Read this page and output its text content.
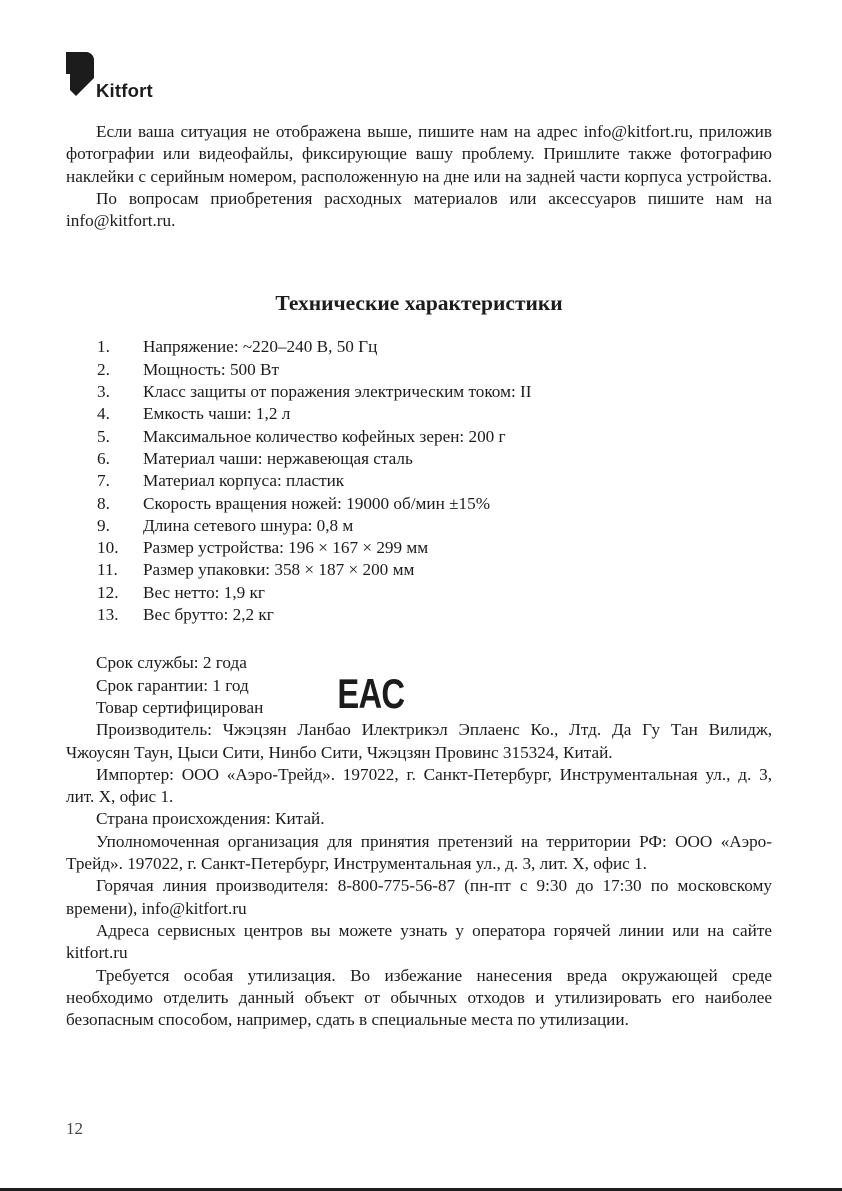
Kitfort

Если ваша ситуация не отображена выше, пишите нам на адрес info@kitfort.ru, приложив фотографии или видеофайлы, фиксирующие вашу проблему. Пришлите также фотографию наклейки с серийным номером, расположенную на дне или на задней части корпуса устройства.

По вопросам приобретения расходных материалов или аксессуаров пишите нам на info@kitfort.ru.

Технические характеристики
1.	Напряжение: ~220–240 В, 50 Гц
2.	Мощность: 500 Вт
3.	Класс защиты от поражения электрическим током: II
4.	Емкость чаши: 1,2 л
5.	Максимальное количество кофейных зерен: 200 г
6.	Материал чаши: нержавеющая сталь
7.	Материал корпуса: пластик
8.	Скорость вращения ножей: 19000 об/мин ±15%
9.	Длина сетевого шнура: 0,8 м
10.	Размер устройства: 196 × 167 × 299 мм
11.	Размер упаковки: 358 × 187 × 200 мм
12.	Вес нетто: 1,9 кг
13.	Вес брутто: 2,2 кг
Срок службы: 2 года
Срок гарантии: 1 год
Товар сертифицирован	EAC

Производитель: Чжэцзян Ланбао Илектрикэл Эплаенс Ко., Лтд. Да Гу Тан Вилидж, Чжоусян Таун, Цыси Сити, Нинбо Сити, Чжэцзян Провинс 315324, Китай.

Импортер: ООО «Аэро-Трейд». 197022, г. Санкт-Петербург, Инструментальная ул., д. 3, лит. Х, офис 1.

Страна происхождения: Китай.

Уполномоченная организация для принятия претензий на территории РФ: ООО «Аэро-Трейд». 197022, г. Санкт-Петербург, Инструментальная ул., д. 3, лит. Х, офис 1.

Горячая линия производителя: 8-800-775-56-87 (пн-пт с 9:30 до 17:30 по московскому времени), info@kitfort.ru

Адреса сервисных центров вы можете узнать у оператора горячей линии или на сайте kitfort.ru

Требуется особая утилизация. Во избежание нанесения вреда окружающей среде необходимо отделить данный объект от обычных отходов и утилизировать его наиболее безопасным способом, например, сдать в специальные места по утилизации.

12
